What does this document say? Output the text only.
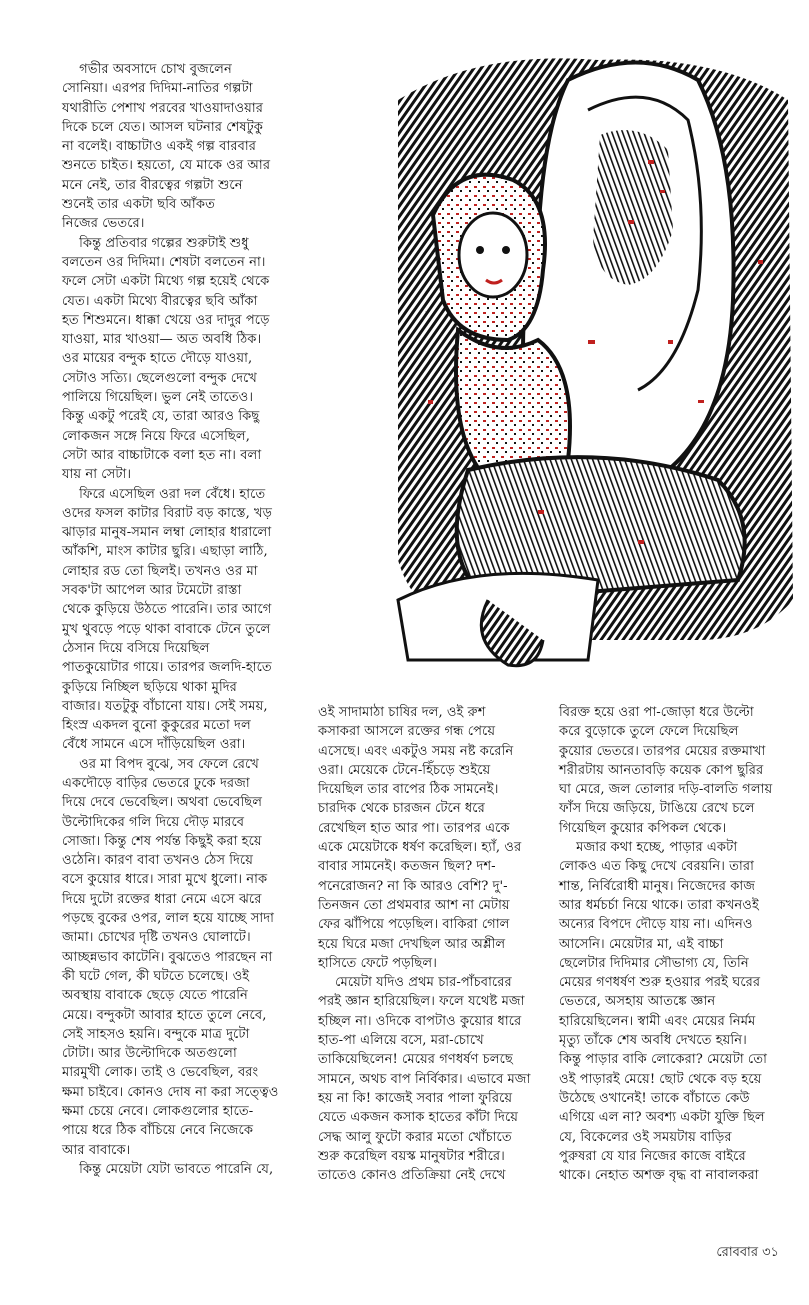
গভীর অবসাদে চোখ বুজলেন
সোনিয়া। এরপর দিদিমা-নাতির গল্পটা
যথারীতি পেশাখ পরবের খাওয়াদাওয়ার
দিকে চলে যেত। আসল ঘটনার শেষটুকু
না বলেই। বাচ্চাটাও একই গল্প বারবার
শুনতে চাইত। হয়তো, যে মাকে ওর আর
মনে নেই, তার বীরত্বের গল্পটা শুনে
শুনেই তার একটা ছবি আঁকত
নিজের ভেতরে।

কিন্তু প্রতিবার গল্পের শুরুটাই শুধু
বলতেন ওর দিদিমা। শেষটা বলতেন না।
ফলে সেটা একটা মিথ্যে গল্প হয়েই থেকে
যেত। একটা মিথ্যে বীরত্বের ছবি আঁকা
হত শিশুমনে। ধাক্কা খেয়ে ওর দাদুর পড়ে
যাওয়া, মার খাওয়া— অত অবধি ঠিক।
ওর মায়ের বন্দুক হাতে দৌড়ে যাওয়া,
সেটাও সত্যি। ছেলেগুলো বন্দুক দেখে
পালিয়ে গিয়েছিল। ভুল নেই তাতেও।
কিন্তু একটু পরেই যে, তারা আরও কিছু
লোকজন সঙ্গে নিয়ে ফিরে এসেছিল,
সেটা আর বাচ্চাটাকে বলা হত না। বলা
যায় না সেটা।

ফিরে এসেছিল ওরা দল বেঁধে। হাতে
ওদের ফসল কাটার বিরাট বড় কাস্তে, খড়
ঝাড়ার মানুষ-সমান লম্বা লোহার ধারালো
আঁকশি, মাংস কাটার ছুরি। এছাড়া লাঠি,
লোহার রড তো ছিলই। তখনও ওর মা
সবক'টা আপেল আর টমেটো রাস্তা
থেকে কুড়িয়ে উঠতে পারেনি। তার আগে
মুখ থুবড়ে পড়ে থাকা বাবাকে টেনে তুলে
ঠেসান দিয়ে বসিয়ে দিয়েছিল
পাতকুয়োটার গায়ে। তারপর জলদি-হাতে
কুড়িয়ে নিচ্ছিল ছড়িয়ে থাকা মুদির
বাজার। যতটুকু বাঁচানো যায়। সেই সময়,
হিংস্র একদল বুনো কুকুরের মতো দল
বেঁধে সামনে এসে দাঁড়িয়েছিল ওরা।

ওর মা বিপদ বুঝে, সব ফেলে রেখে
একদৌড়ে বাড়ির ভেতরে ঢুকে দরজা
দিয়ে দেবে ভেবেছিল। অথবা ভেবেছিল
উল্টোদিকের গলি দিয়ে দৌড় মারবে
সোজা। কিন্তু শেষ পর্যন্ত কিছুই করা হয়ে
ওঠেনি। কারণ বাবা তখনও ঠেস দিয়ে
বসে কুয়োর ধারে। সারা মুখে ধুলো। নাক
দিয়ে দুটো রক্তের ধারা নেমে এসে ঝরে
পড়ছে বুকের ওপর, লাল হয়ে যাচ্ছে সাদা
জামা। চোখের দৃষ্টি তখনও ঘোলাটে।
আচ্ছন্নভাব কাটেনি। বুঝতেও পারছেন না
কী ঘটে গেল, কী ঘটতে চলেছে। ওই
অবস্থায় বাবাকে ছেড়ে যেতে পারেনি
মেয়ে। বন্দুকটা আবার হাতে তুলে নেবে,
সেই সাহসও হয়নি। বন্দুকে মাত্র দুটো
টোটা। আর উল্টোদিকে অতগুলো
মারমুখী লোক। তাই ও ভেবেছিল, বরং
ক্ষমা চাইবে। কোনও দোষ না করা সত্ত্বেও
ক্ষমা চেয়ে নেবে। লোকগুলোর হাতে-
পায়ে ধরে ঠিক বাঁচিয়ে নেবে নিজেকে
আর বাবাকে।

কিন্তু মেয়েটা যেটা ভাবতে পারেনি যে,

ওই সাদামাঠা চাষির দল, ওই রুশ
কসাকরা আসলে রক্তের গন্ধ পেয়ে
এসেছে। এবং একটুও সময় নষ্ট করেনি
ওরা। মেয়েকে টেনে-হিঁচড়ে শুইয়ে
দিয়েছিল তার বাপের ঠিক সামনেই।
চারদিক থেকে চারজন টেনে ধরে
রেখেছিল হাত আর পা। তারপর একে
একে মেয়েটাকে ধর্ষণ করেছিল। হ্যাঁ, ওর
বাবার সামনেই। কতজন ছিল? দশ-
পনেরোজন? না কি আরও বেশি? দু'-
তিনজন তো প্রথমবার আশ না মেটায়
ফের ঝাঁপিয়ে পড়েছিল। বাকিরা গোল
হয়ে ঘিরে মজা দেখছিল আর অশ্লীল
হাসিতে ফেটে পড়ছিল।

মেয়েটা যদিও প্রথম চার-পাঁচবারের
পরই জ্ঞান হারিয়েছিল। ফলে যথেষ্ট মজা
হচ্ছিল না। ওদিকে বাপটাও কুয়োর ধারে
হাত-পা এলিয়ে বসে, মরা-চোখে
তাকিয়েছিলেন! মেয়ের গণধর্ষণ চলছে
সামনে, অথচ বাপ নির্বিকার। এভাবে মজা
হয় না কি! কাজেই সবার পালা ফুরিয়ে
যেতে একজন কসাক হাতের কাঁটা দিয়ে
সেদ্ধ আলু ফুটো করার মতো খোঁচাতে
শুরু করেছিল বয়স্ক মানুষটার শরীরে।
তাতেও কোনও প্রতিক্রিয়া নেই দেখে

বিরক্ত হয়ে ওরা পা-জোড়া ধরে উল্টো
করে বুড়োকে তুলে ফেলে দিয়েছিল
কুয়োর ভেতরে। তারপর মেয়ের রক্তমাখা
শরীরটায় আনতাবড়ি কয়েক কোপ ছুরির
ঘা মেরে, জল তোলার দড়ি-বালতি গলায়
ফাঁস দিয়ে জড়িয়ে, টাঙিয়ে রেখে চলে
গিয়েছিল কুয়োর কপিকল থেকে।

মজার কথা হচ্ছে, পাড়ার একটা
লোকও এত কিছু দেখে বেরয়নি। তারা
শান্ত, নির্বিরোধী মানুষ। নিজেদের কাজ
আর ধর্মচর্চা নিয়ে থাকে। তারা কখনওই
অন্যের বিপদে দৌড়ে যায় না। এদিনও
আসেনি। মেয়েটার মা, এই বাচ্চা
ছেলেটার দিদিমার সৌভাগ্য যে, তিনি
মেয়ের গণধর্ষণ শুরু হওয়ার পরই ঘরের
ভেতরে, অসহায় আতঙ্কে জ্ঞান
হারিয়েছিলেন। স্বামী এবং মেয়ের নির্মম
মৃত্যু তাঁকে শেষ অবধি দেখতে হয়নি।
কিন্তু পাড়ার বাকি লোকেরা? মেয়েটা তো
ওই পাড়ারই মেয়ে! ছোট থেকে বড় হয়ে
উঠেছে ওখানেই! তাকে বাঁচাতে কেউ
এগিয়ে এল না? অবশ্য একটা যুক্তি ছিল
যে, বিকেলের ওই সময়টায় বাড়ির
পুরুষরা যে যার নিজের কাজে বাইরে
থাকে। নেহাত অশক্ত বৃদ্ধ বা নাবালকরা

রোববার ৩১
